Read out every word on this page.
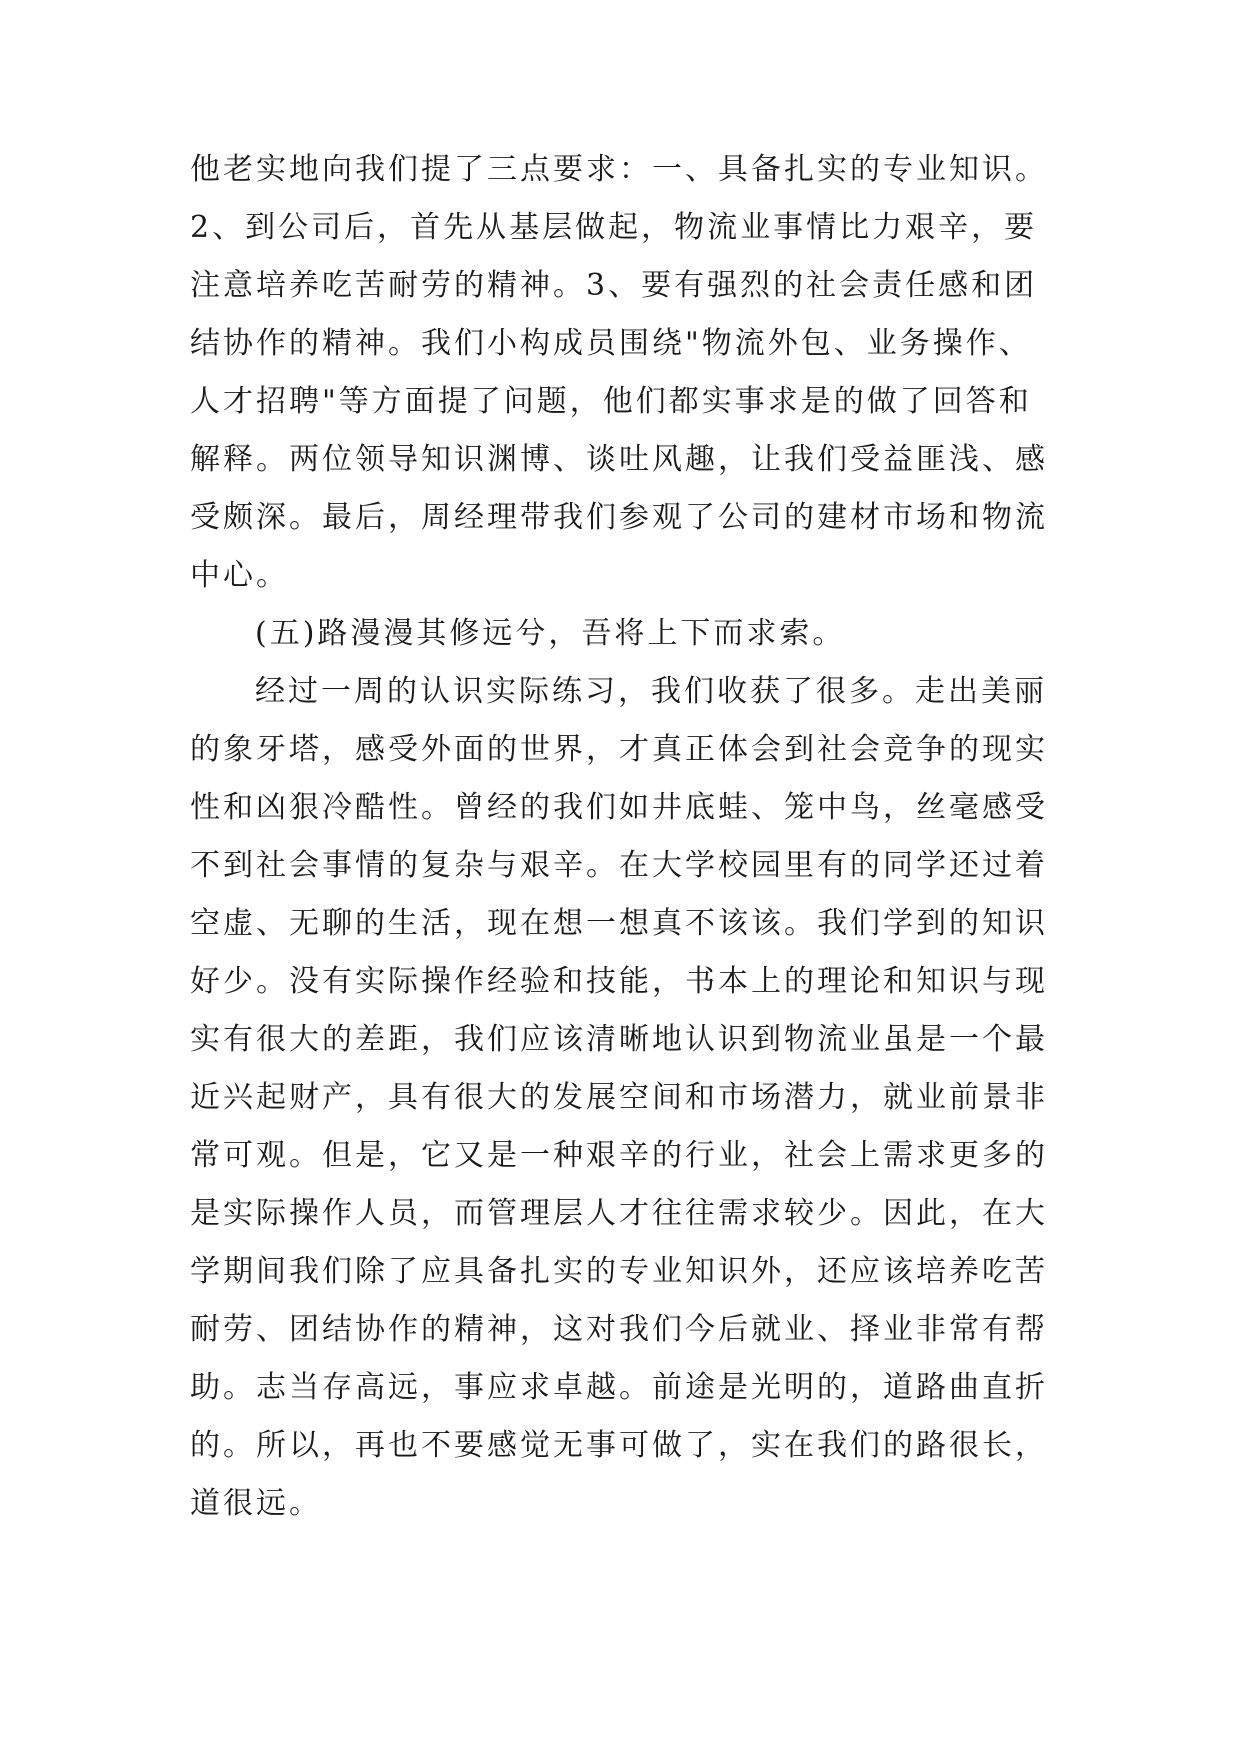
他老实地向我们提了三点要求：一、具备扎实的专业知识。
2、到公司后，首先从基层做起，物流业事情比力艰辛，要
注意培养吃苦耐劳的精神。3、要有强烈的社会责任感和团
结协作的精神。我们小构成员围绕"物流外包、业务操作、
人才招聘"等方面提了问题，他们都实事求是的做了回答和
解释。两位领导知识渊博、谈吐风趣，让我们受益匪浅、感
受颇深。最后，周经理带我们参观了公司的建材市场和物流
中心。
(五)路漫漫其修远兮，吾将上下而求索。
经过一周的认识实际练习，我们收获了很多。走出美丽
的象牙塔，感受外面的世界，才真正体会到社会竞争的现实
性和凶狠冷酷性。曾经的我们如井底蛙、笼中鸟，丝毫感受
不到社会事情的复杂与艰辛。在大学校园里有的同学还过着
空虚、无聊的生活，现在想一想真不该该。我们学到的知识
好少。没有实际操作经验和技能，书本上的理论和知识与现
实有很大的差距，我们应该清晰地认识到物流业虽是一个最
近兴起财产，具有很大的发展空间和市场潜力，就业前景非
常可观。但是，它又是一种艰辛的行业，社会上需求更多的
是实际操作人员，而管理层人才往往需求较少。因此，在大
学期间我们除了应具备扎实的专业知识外，还应该培养吃苦
耐劳、团结协作的精神，这对我们今后就业、择业非常有帮
助。志当存高远，事应求卓越。前途是光明的，道路曲直折
的。所以，再也不要感觉无事可做了，实在我们的路很长，
道很远。
